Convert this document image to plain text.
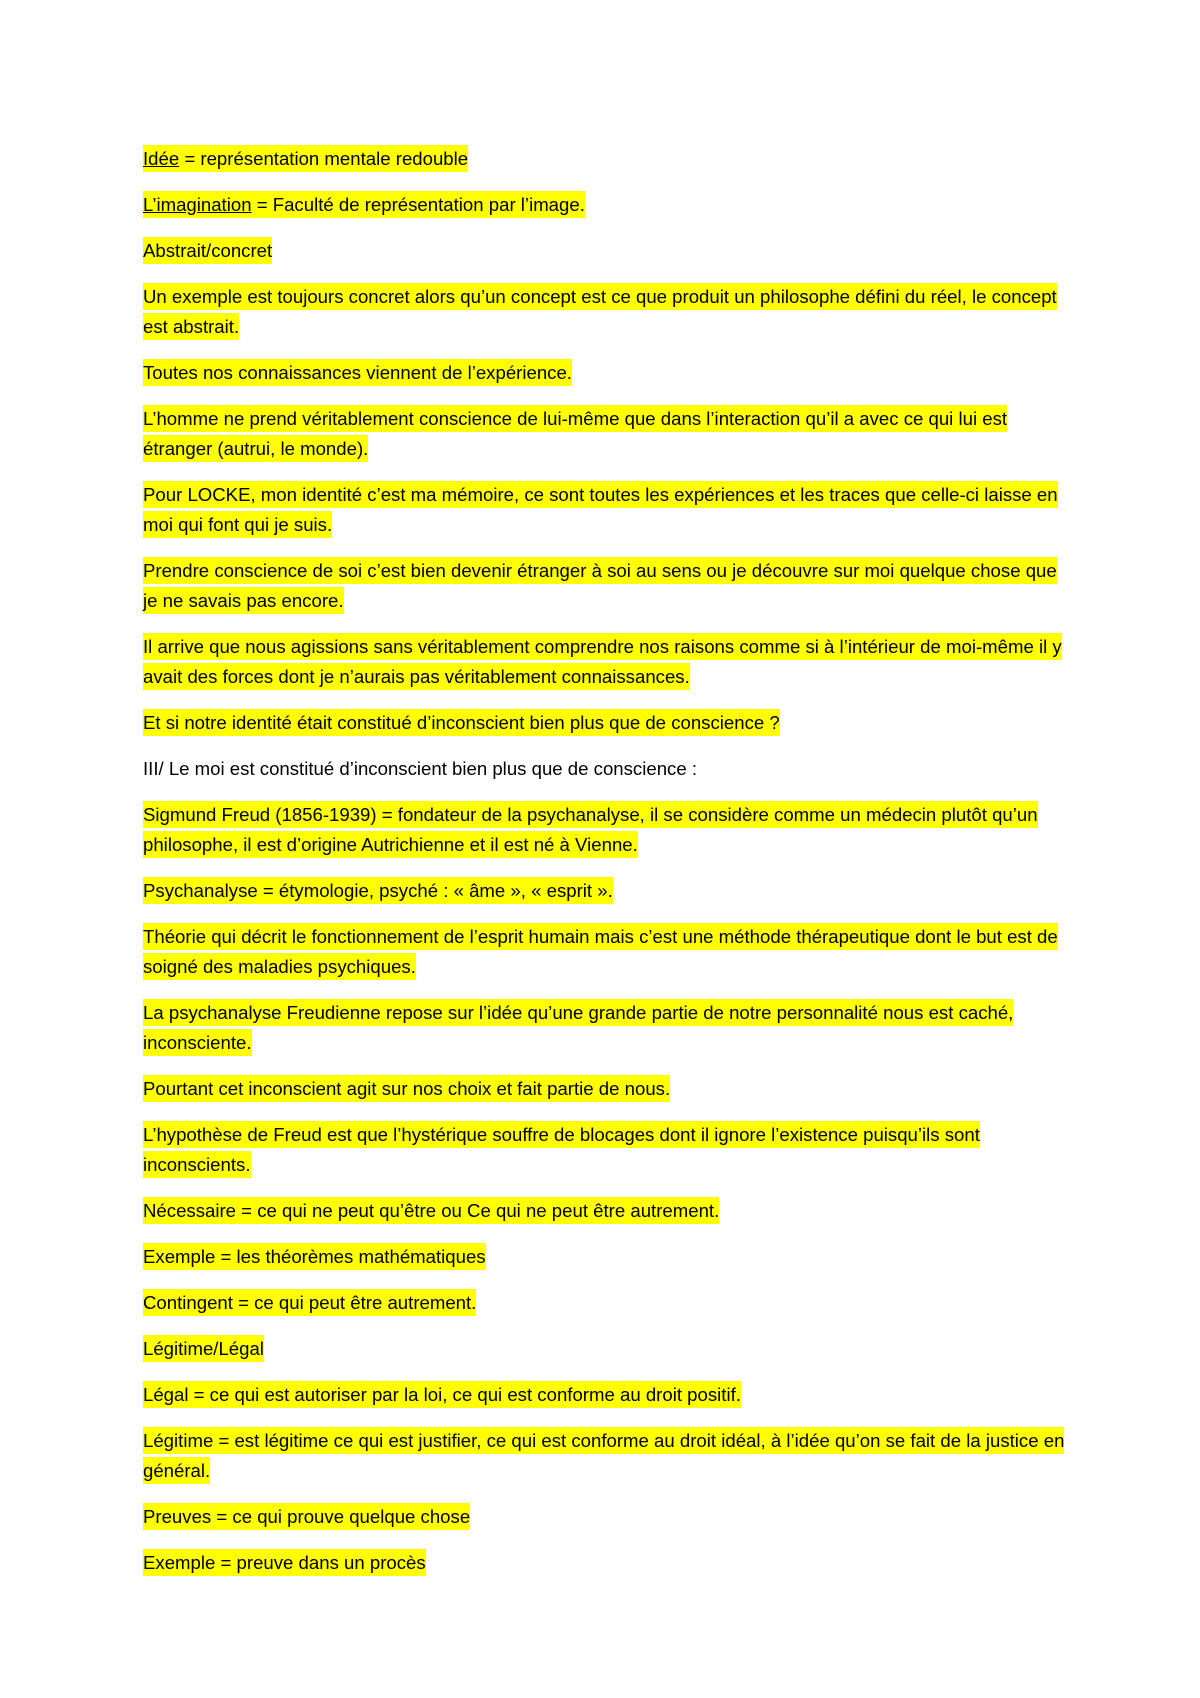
Idée = représentation mentale redouble

L’imagination = Faculté de représentation par l’image.

Abstrait/concret

Un exemple est toujours concret alors qu’un concept est ce que produit un philosophe défini du réel, le concept est abstrait.

Toutes nos connaissances viennent de l’expérience.

L’homme ne prend véritablement conscience de lui-même que dans l’interaction qu’il a avec ce qui lui est étranger (autrui, le monde).

Pour LOCKE, mon identité c’est ma mémoire, ce sont toutes les expériences et les traces que celle-ci laisse en moi qui font qui je suis.

Prendre conscience de soi c’est bien devenir étranger à soi au sens ou je découvre sur moi quelque chose que je ne savais pas encore.

Il arrive que nous agissions sans véritablement comprendre nos raisons comme si à l’intérieur de moi-même il y avait des forces dont je n’aurais pas véritablement connaissances.

Et si notre identité était constitué d’inconscient bien plus que de conscience ?

III/ Le moi est constitué d’inconscient bien plus que de conscience :

Sigmund Freud (1856-1939) = fondateur de la psychanalyse, il se considère comme un médecin plutôt qu’un philosophe, il est d’origine Autrichienne et il est né à Vienne.

Psychanalyse = étymologie, psyché : « âme », « esprit ».

Théorie qui décrit le fonctionnement de l’esprit humain mais c’est une méthode thérapeutique dont le but est de soigné des maladies psychiques.

La psychanalyse Freudienne repose sur l’idée qu’une grande partie de notre personnalité nous est caché, inconsciente.

Pourtant cet inconscient agit sur nos choix et fait partie de nous.

L’hypothèse de Freud est que l’hystérique souffre de blocages dont il ignore l’existence puisqu’ils sont inconscients.

Nécessaire = ce qui ne peut qu’être ou Ce qui ne peut être autrement.

Exemple = les théorèmes mathématiques

Contingent = ce qui peut être autrement.

Légitime/Légal

Légal = ce qui est autoriser par la loi, ce qui est conforme au droit positif.

Légitime = est légitime ce qui est justifier, ce qui est conforme au droit idéal, à l’idée qu’on se fait de la justice en général.

Preuves = ce qui prouve quelque chose

Exemple = preuve dans un procès
